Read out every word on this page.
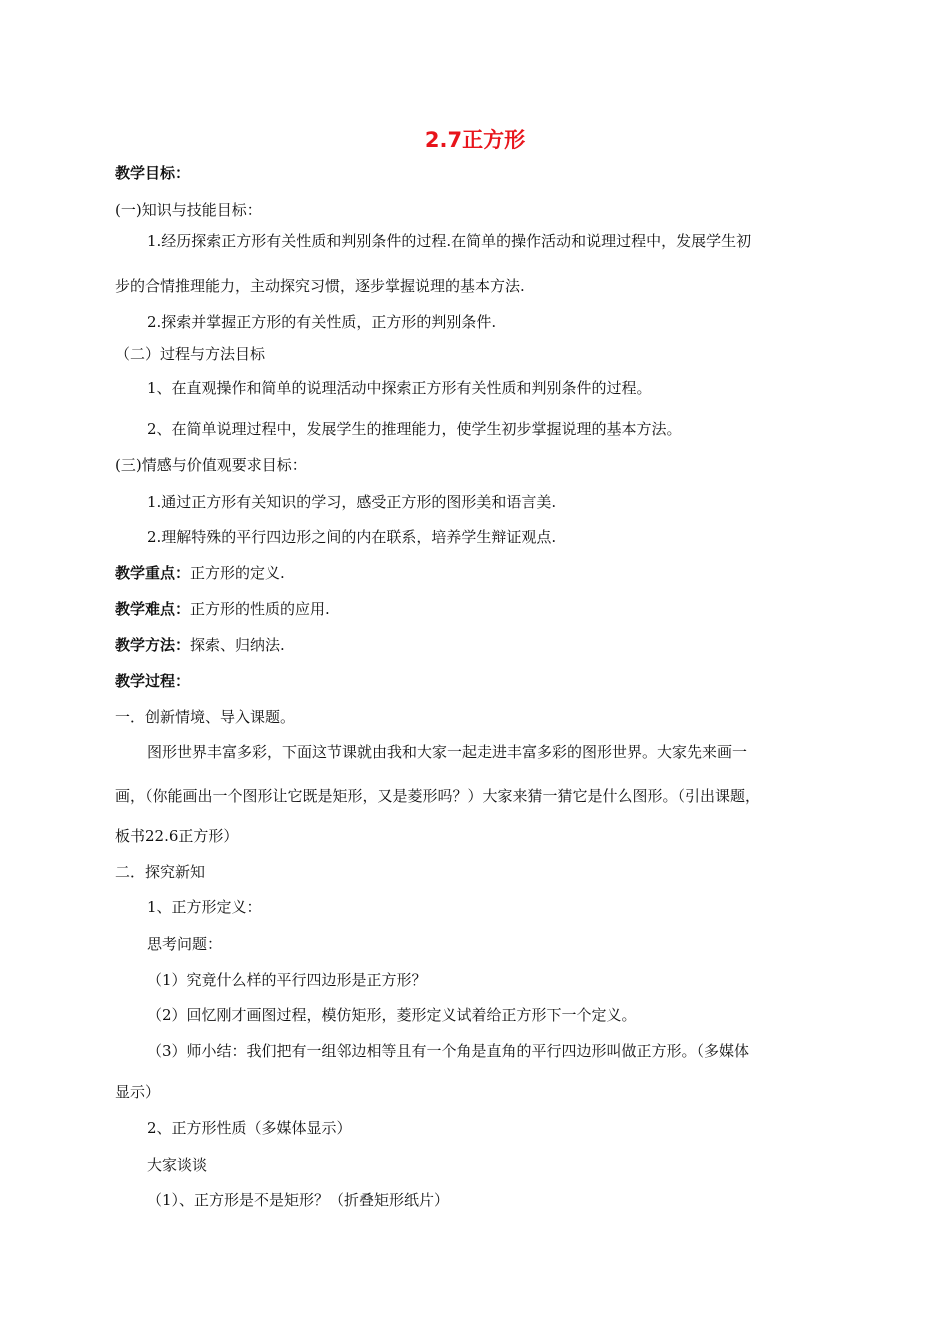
2.7正方形
教学目标：
(一)知识与技能目标：
1.经历探索正方形有关性质和判别条件的过程.在简单的操作活动和说理过程中，发展学生初
步的合情推理能力，主动探究习惯，逐步掌握说理的基本方法.
2.探索并掌握正方形的有关性质，正方形的判别条件.
（二）过程与方法目标
1、在直观操作和简单的说理活动中探索正方形有关性质和判别条件的过程。
2、在简单说理过程中，发展学生的推理能力，使学生初步掌握说理的基本方法。
(三)情感与价值观要求目标：
1.通过正方形有关知识的学习，感受正方形的图形美和语言美.
2.理解特殊的平行四边形之间的内在联系，培养学生辩证观点.
教学重点：正方形的定义.
教学难点：正方形的性质的应用.
教学方法：探索、归纳法.
教学过程：
一．创新情境、导入课题。
图形世界丰富多彩，下面这节课就由我和大家一起走进丰富多彩的图形世界。大家先来画一
画，（你能画出一个图形让它既是矩形，又是菱形吗？）大家来猜一猜它是什么图形。（引出课题，
板书22.6正方形）
二．探究新知
1、正方形定义：
思考问题：
（1）究竟什么样的平行四边形是正方形？
（2）回忆刚才画图过程，模仿矩形，菱形定义试着给正方形下一个定义。
（3）师小结：我们把有一组邻边相等且有一个角是直角的平行四边形叫做正方形。（多媒体
显示）
2、正方形性质（多媒体显示）
大家谈谈
（1）、正方形是不是矩形？（折叠矩形纸片）
